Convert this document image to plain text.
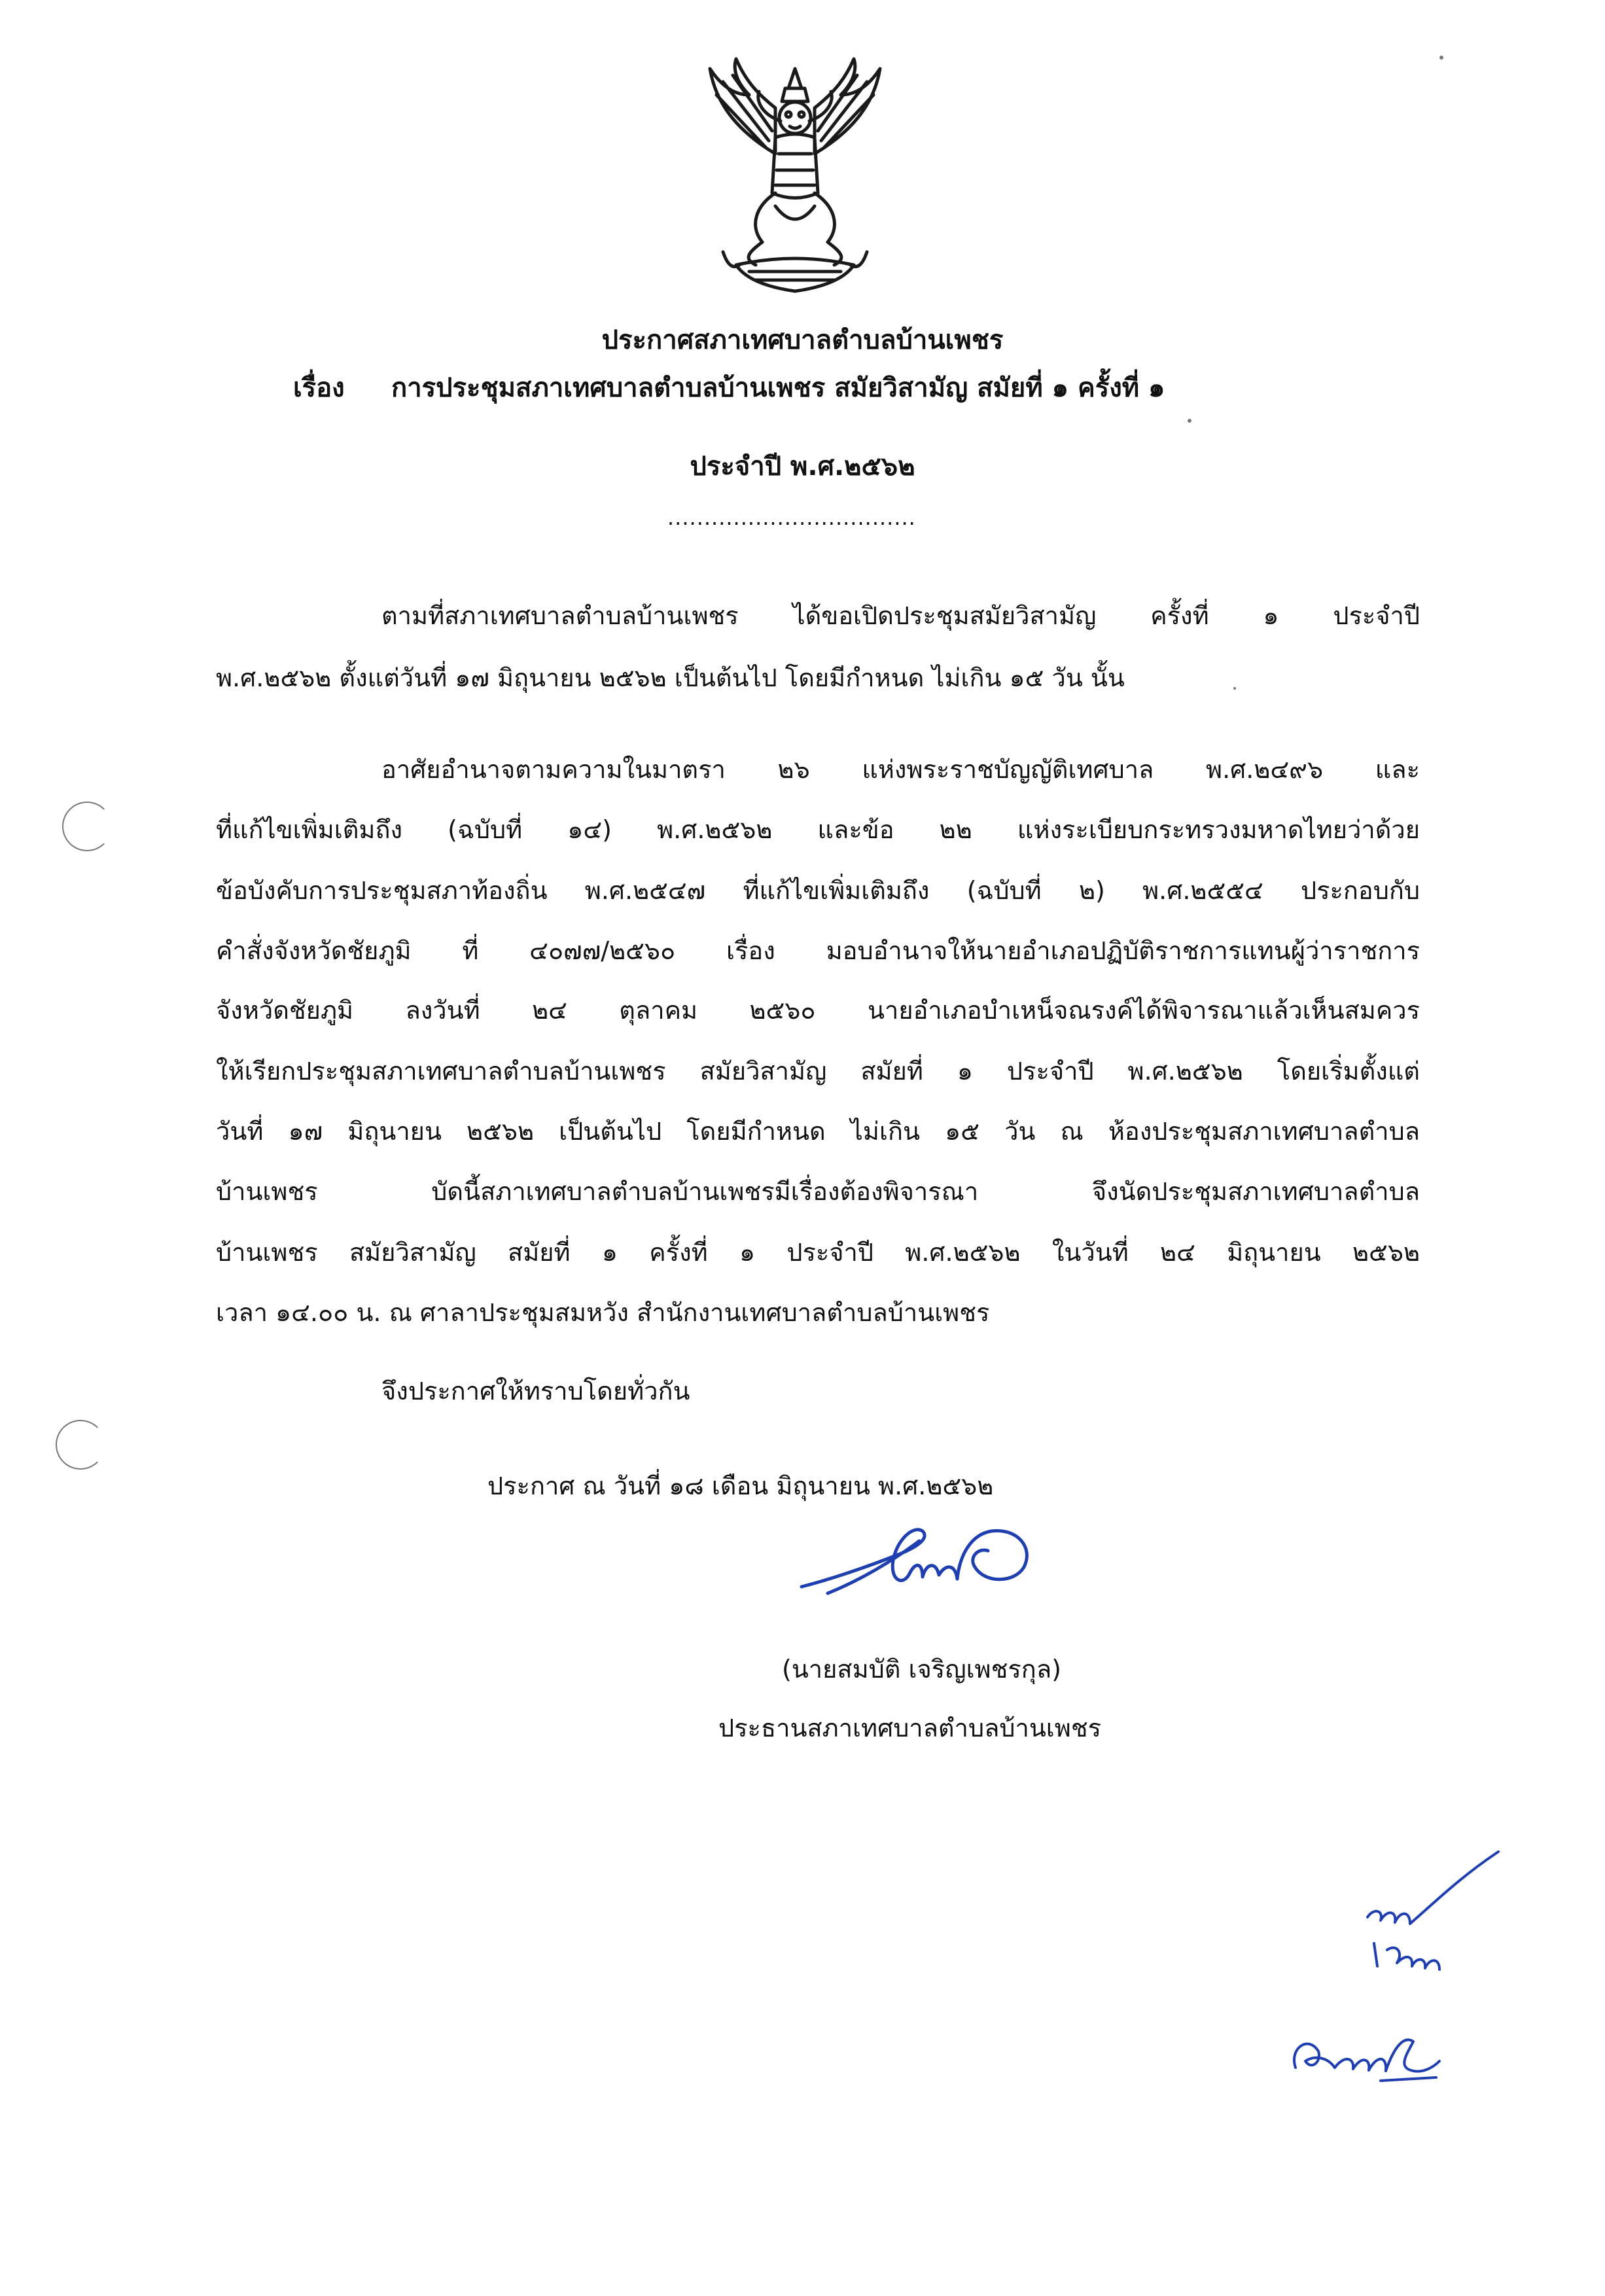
ประกาศสภาเทศบาลตำบลบ้านเพชร
เรื่อง การประชุมสภาเทศบาลตำบลบ้านเพชร สมัยวิสามัญ สมัยที่ ๑ ครั้งที่ ๑
ประจำปี พ.ศ.๒๕๖๒
..................................
ตามที่สภาเทศบาลตำบลบ้านเพชร ได้ขอเปิดประชุมสมัยวิสามัญ ครั้งที่ ๑ ประจำปี
พ.ศ.๒๕๖๒ ตั้งแต่วันที่ ๑๗ มิถุนายน ๒๕๖๒ เป็นต้นไป โดยมีกำหนด ไม่เกิน ๑๕ วัน นั้น
อาศัยอำนาจตามความในมาตรา ๒๖ แห่งพระราชบัญญัติเทศบาล พ.ศ.๒๔๙๖ และ
ที่แก้ไขเพิ่มเติมถึง (ฉบับที่ ๑๔) พ.ศ.๒๕๖๒ และข้อ ๒๒ แห่งระเบียบกระทรวงมหาดไทยว่าด้วย
ข้อบังคับการประชุมสภาท้องถิ่น พ.ศ.๒๕๔๗ ที่แก้ไขเพิ่มเติมถึง (ฉบับที่ ๒) พ.ศ.๒๕๕๔ ประกอบกับ
คำสั่งจังหวัดชัยภูมิ ที่ ๔๐๗๗/๒๕๖๐ เรื่อง มอบอำนาจให้นายอำเภอปฏิบัติราชการแทนผู้ว่าราชการ
จังหวัดชัยภูมิ ลงวันที่ ๒๔ ตุลาคม ๒๕๖๐ นายอำเภอบำเหน็จณรงค์ได้พิจารณาแล้วเห็นสมควร
ให้เรียกประชุมสภาเทศบาลตำบลบ้านเพชร สมัยวิสามัญ สมัยที่ ๑ ประจำปี พ.ศ.๒๕๖๒ โดยเริ่มตั้งแต่
วันที่ ๑๗ มิถุนายน ๒๕๖๒ เป็นต้นไป โดยมีกำหนด ไม่เกิน ๑๕ วัน ณ ห้องประชุมสภาเทศบาลตำบล
บ้านเพชร บัดนี้สภาเทศบาลตำบลบ้านเพชรมีเรื่องต้องพิจารณา จึงนัดประชุมสภาเทศบาลตำบล
บ้านเพชร สมัยวิสามัญ สมัยที่ ๑ ครั้งที่ ๑ ประจำปี พ.ศ.๒๕๖๒ ในวันที่ ๒๔ มิถุนายน ๒๕๖๒
เวลา ๑๔.๐๐ น. ณ ศาลาประชุมสมหวัง สำนักงานเทศบาลตำบลบ้านเพชร
จึงประกาศให้ทราบโดยทั่วกัน
ประกาศ ณ วันที่ ๑๘ เดือน มิถุนายน พ.ศ.๒๕๖๒
(นายสมบัติ เจริญเพชรกุล)
ประธานสภาเทศบาลตำบลบ้านเพชร
